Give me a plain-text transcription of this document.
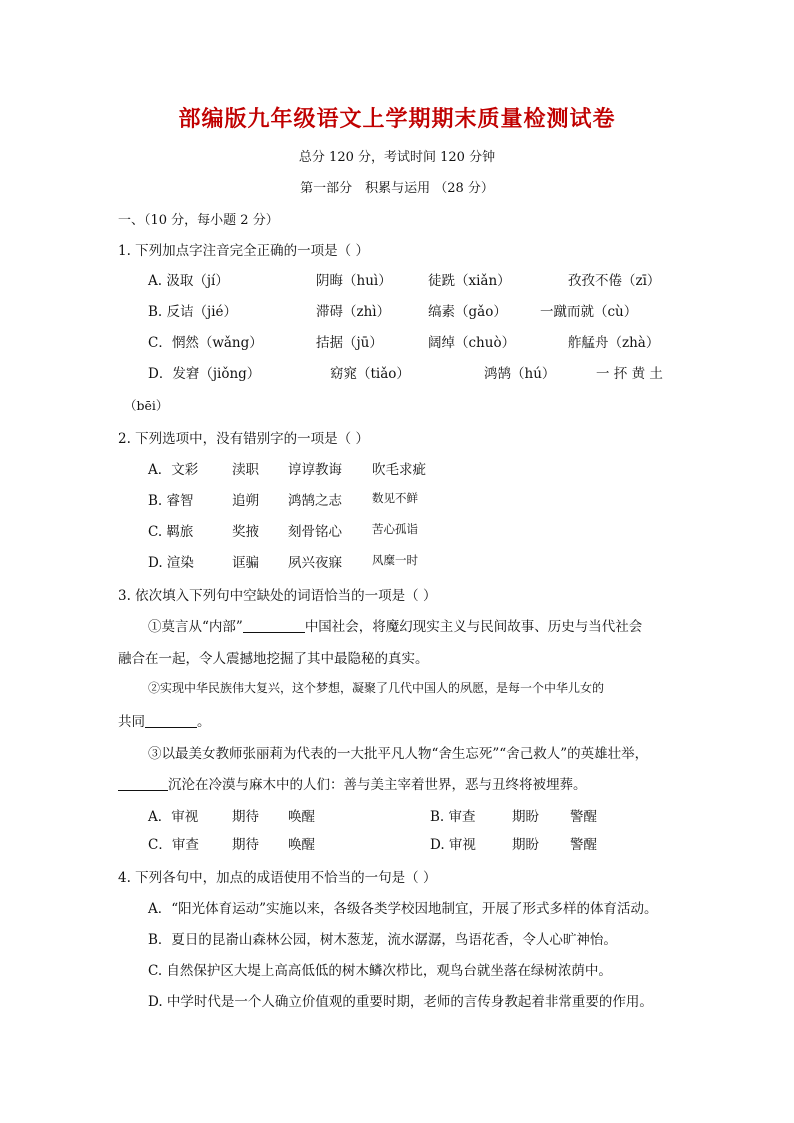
部编版九年级语文上学期期末质量检测试卷
总分 120 分，考试时间 120 分钟
第一部分　积累与运用 （28 分）
一、（10 分，每小题 2 分）
1. 下列加点字注音完全正确的一项是（ ）
A. 汲取（jí）	阴晦（huì）	徒跣（xiǎn）	孜孜不倦（zī）
B. 反诘（jié）	滞碍（zhì）	缟素（gǎo） 一蹴而就（cù）
C．惘然（wǎng）	拮据（jū）	阔绰（chuò）	舴艋舟（zhà）
D．发窘（jiǒng）	窈窕（tiǎo）	鸿鹄（hú）	一 抔 黄 土
（bēi）
2. 下列选项中，没有错别字的一项是（ ）
A．文彩	渎职 谆谆教诲 吹毛求疵
B. 睿智	追朔 鸿鹄之志	数见不鲜
C. 羁旅	奖掖 刻骨铭心	苦心孤诣
D. 渲染	诓骗 夙兴夜寐	风糜一时
3. 依次填入下列句中空缺处的词语恰当的一项是（ ）
①莫言从“内部”	中国社会，将魔幻现实主义与民间故事、历史与当代社会
融合在一起，令人震撼地挖掘了其中最隐秘的真实。
②实现中华民族伟大复兴，这个梦想，凝聚了几代中国人的夙愿，是每一个中华儿女的
共同	。
③以最美女教师张丽莉为代表的一大批平凡人物“舍生忘死”“舍己救人”的英雄壮举，
沉沦在冷漠与麻木中的人们：善与美主宰着世界，恶与丑终将被埋葬。
A．审视	期待 唤醒	B. 审查	期盼 警醒
C．审查 期待 唤醒	D. 审视	期盼 警醒
4. 下列各句中，加点的成语使用不恰当的一句是（ ）
A．“阳光体育运动”实施以来，各级各类学校因地制宜，开展了形式多样的体育活动。
B．夏日的昆嵛山森林公园，树木葱茏，流水潺潺，鸟语花香，令人心旷神怡。
C. 自然保护区大堤上高高低低的树木鳞次栉比，观鸟台就坐落在绿树浓荫中。
D. 中学时代是一个人确立价值观的重要时期，老师的言传身教起着非常重要的作用。
